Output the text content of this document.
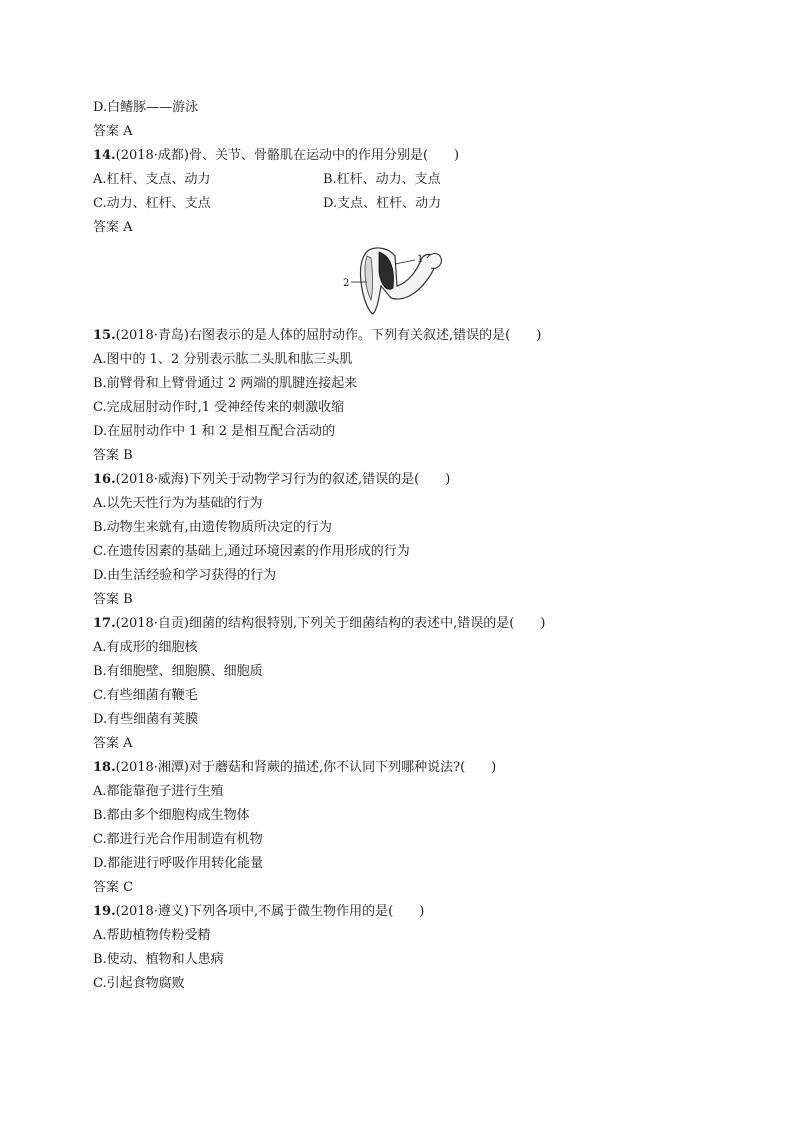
D.白鳍豚——游泳
答案 A
14.(2018·成都)骨、关节、骨骼肌在运动中的作用分别是(　　)
A.杠杆、支点、动力	B.杠杆、动力、支点
C.动力、杠杆、支点	D.支点、杠杆、动力
答案 A
1
2
15.(2018·青岛)右图表示的是人体的屈肘动作。下列有关叙述,错误的是(　　)
A.图中的 1、2 分别表示肱二头肌和肱三头肌
B.前臂骨和上臂骨通过 2 两端的肌腱连接起来
C.完成屈肘动作时,1 受神经传来的刺激收缩
D.在屈肘动作中 1 和 2 是相互配合活动的
答案 B
16.(2018·威海)下列关于动物学习行为的叙述,错误的是(　　)
A.以先天性行为为基础的行为
B.动物生来就有,由遗传物质所决定的行为
C.在遗传因素的基础上,通过环境因素的作用形成的行为
D.由生活经验和学习获得的行为
答案 B
17.(2018·自贡)细菌的结构很特别,下列关于细菌结构的表述中,错误的是(　　)
A.有成形的细胞核
B.有细胞壁、细胞膜、细胞质
C.有些细菌有鞭毛
D.有些细菌有荚膜
答案 A
18.(2018·湘潭)对于蘑菇和肾蕨的描述,你不认同下列哪种说法?(　　)
A.都能靠孢子进行生殖
B.都由多个细胞构成生物体
C.都进行光合作用制造有机物
D.都能进行呼吸作用转化能量
答案 C
19.(2018·遵义)下列各项中,不属于微生物作用的是(　　)
A.帮助植物传粉受精
B.使动、植物和人患病
C.引起食物腐败
